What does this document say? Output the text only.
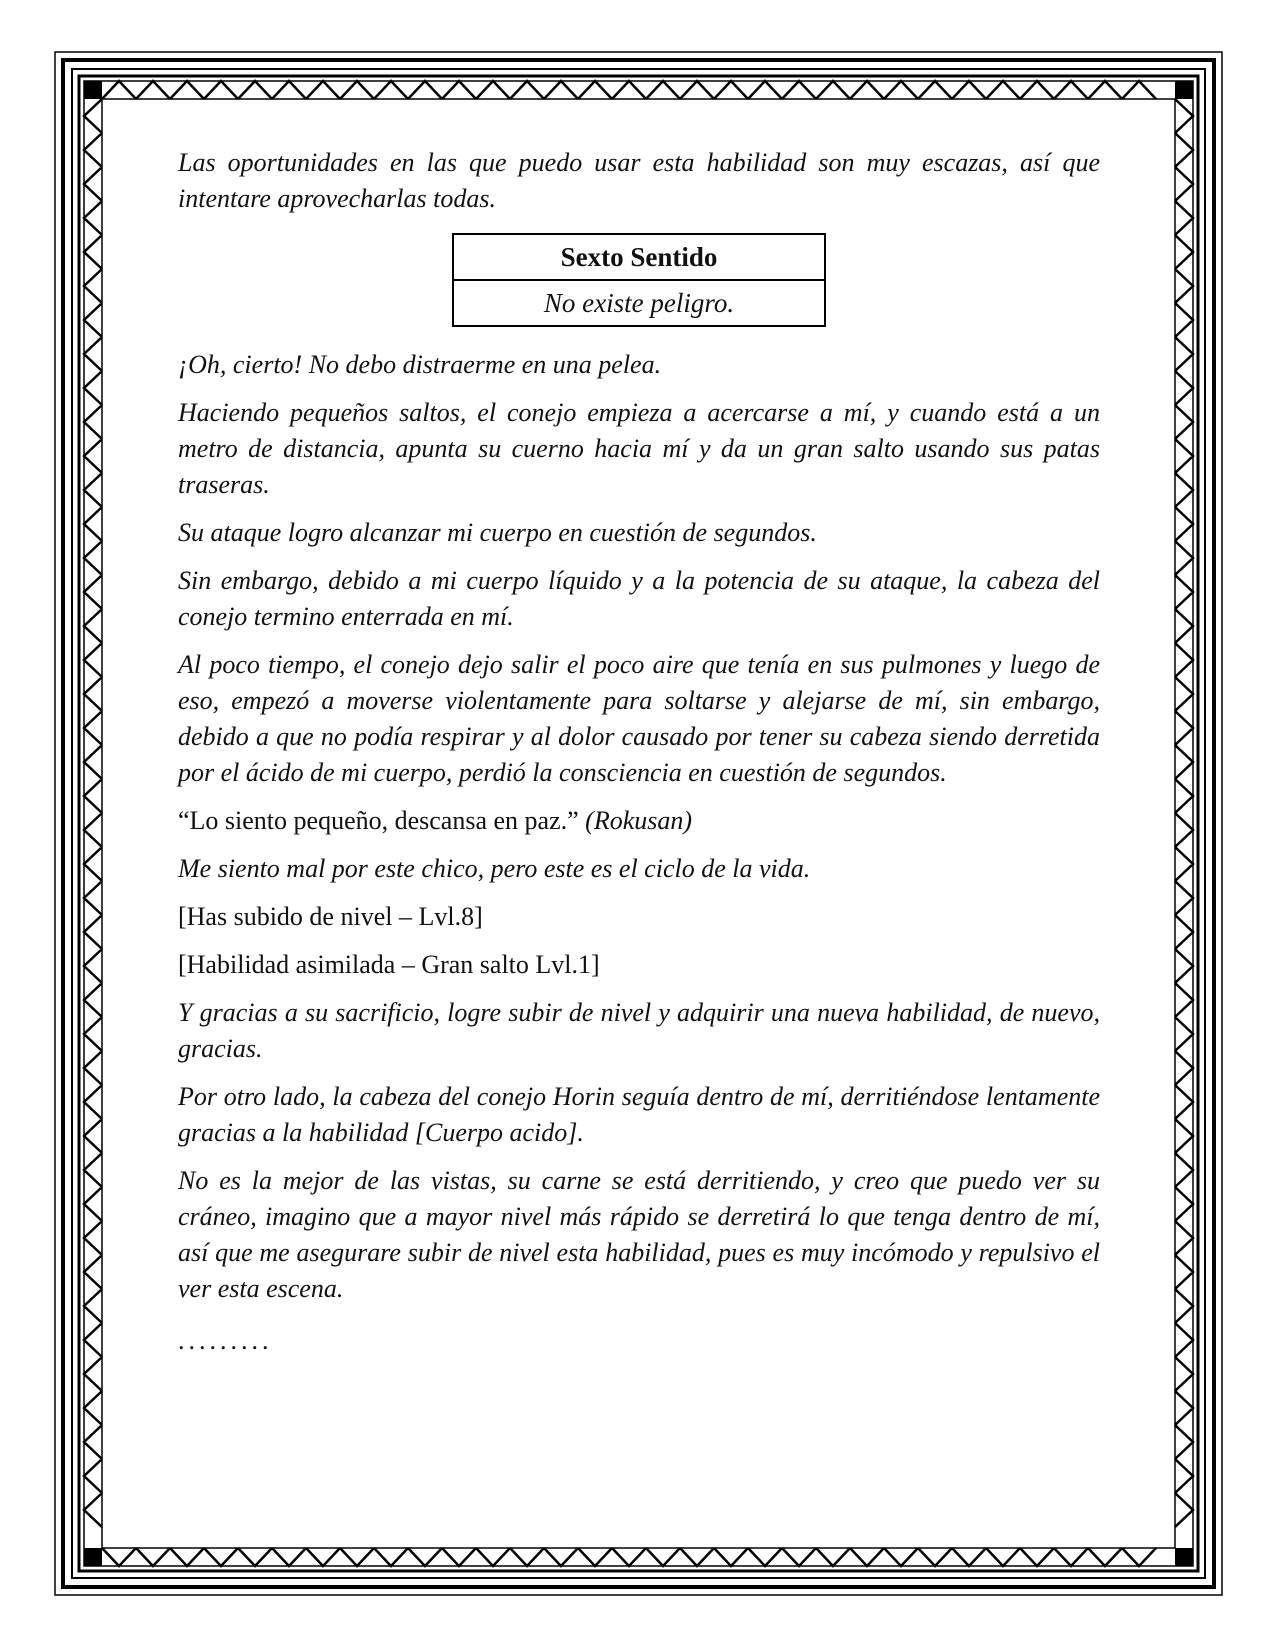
Las oportunidades en las que puedo usar esta habilidad son muy escazas, así que intentare aprovecharlas todas.

Sexto Sentido
No existe peligro.

¡Oh, cierto! No debo distraerme en una pelea.

Haciendo pequeños saltos, el conejo empieza a acercarse a mí, y cuando está a un metro de distancia, apunta su cuerno hacia mí y da un gran salto usando sus patas traseras.

Su ataque logro alcanzar mi cuerpo en cuestión de segundos.

Sin embargo, debido a mi cuerpo líquido y a la potencia de su ataque, la cabeza del conejo termino enterrada en mí.

Al poco tiempo, el conejo dejo salir el poco aire que tenía en sus pulmones y luego de eso, empezó a moverse violentamente para soltarse y alejarse de mí, sin embargo, debido a que no podía respirar y al dolor causado por tener su cabeza siendo derretida por el ácido de mi cuerpo, perdió la consciencia en cuestión de segundos.

“Lo siento pequeño, descansa en paz.” (Rokusan)

Me siento mal por este chico, pero este es el ciclo de la vida.

[Has subido de nivel – Lvl.8]

[Habilidad asimilada – Gran salto Lvl.1]

Y gracias a su sacrificio, logre subir de nivel y adquirir una nueva habilidad, de nuevo, gracias.

Por otro lado, la cabeza del conejo Horin seguía dentro de mí, derritiéndose lentamente gracias a la habilidad [Cuerpo acido].

No es la mejor de las vistas, su carne se está derritiendo, y creo que puedo ver su cráneo, imagino que a mayor nivel más rápido se derretirá lo que tenga dentro de mí, así que me asegurare subir de nivel esta habilidad, pues es muy incómodo y repulsivo el ver esta escena.

.........
